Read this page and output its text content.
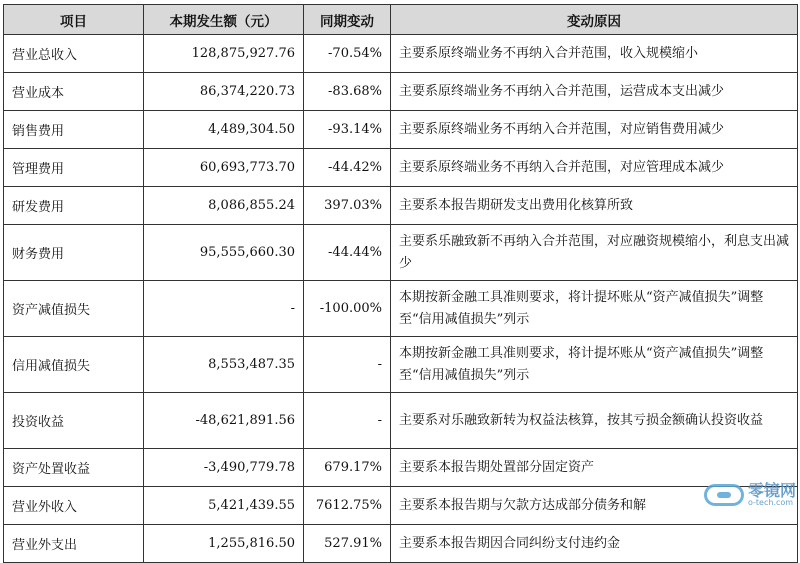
项目	本期发生额（元）	同期变动	变动原因
营业总收入	128,875,927.76	-70.54%	主要系原终端业务不再纳入合并范围，收入规模缩小
营业成本	86,374,220.73	-83.68%	主要系原终端业务不再纳入合并范围，运营成本支出减少
销售费用	4,489,304.50	-93.14%	主要系原终端业务不再纳入合并范围，对应销售费用减少
管理费用	60,693,773.70	-44.42%	主要系原终端业务不再纳入合并范围，对应管理成本减少
研发费用	8,086,855.24	397.03%	主要系本报告期研发支出费用化核算所致
财务费用	95,555,660.30	-44.44%	主要系乐融致新不再纳入合并范围，对应融资规模缩小，利息支出减少
资产减值损失	-	-100.00%	本期按新金融工具准则要求，将计提坏账从“资产减值损失”调整至“信用减值损失”列示
信用减值损失	8,553,487.35	-	本期按新金融工具准则要求，将计提坏账从“资产减值损失”调整至“信用减值损失”列示
投资收益	-48,621,891.56	-	主要系对乐融致新转为权益法核算，按其亏损金额确认投资收益
资产处置收益	-3,490,779.78	679.17%	主要系本报告期处置部分固定资产
营业外收入	5,421,439.55	7612.75%	主要系本报告期与欠款方达成部分债务和解
营业外支出	1,255,816.50	527.91%	主要系本报告期因合同纠纷支付违约金
零镜网
o-tech.com
